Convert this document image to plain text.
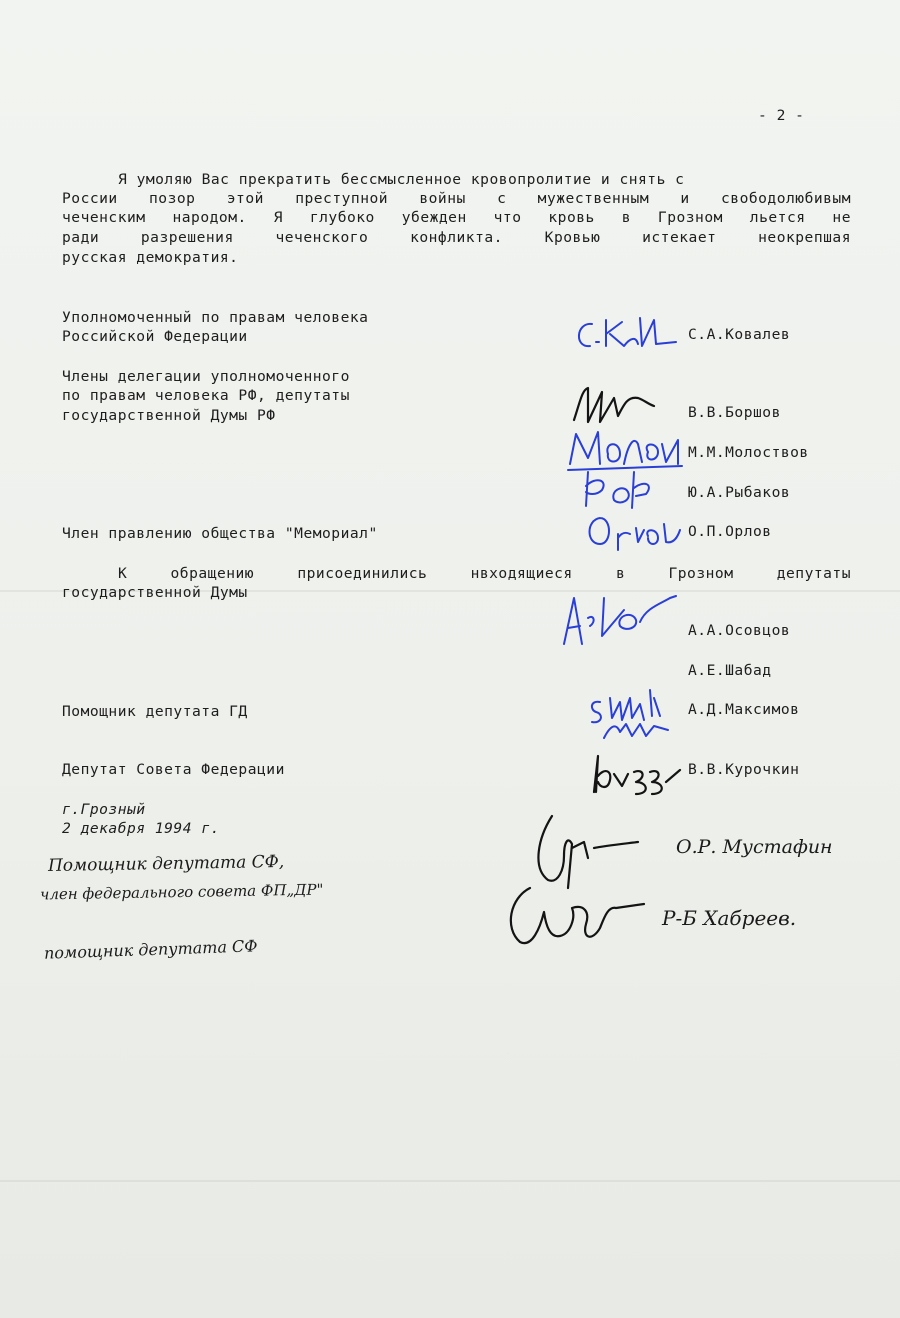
- 2 -
Я умоляю Вас прекратить бессмысленное кровопролитие и снять с
России позор этой преступной войны с мужественным и свободолюбивым
чеченским народом. Я глубоко убежден что кровь в Грозном льется не
ради разрешения чеченского конфликта. Кровью истекает неокрепшая
русская демократия.
Уполномоченный по правам человека
Российской Федерации	С.А.Ковалев
Члены делегации уполномоченного
по правам человека РФ, депутаты
государственной Думы РФ	В.В.Боршов
М.М.Молоствов
Ю.А.Рыбаков
Член правлению общества "Мемориал"	О.П.Орлов
К обращению присоединились нвходящиеся в Грозном депутаты
государственной Думы
А.А.Осовцов
А.Е.Шабад
Помощник депутата ГД	А.Д.Максимов
Депутат Совета Федерации	В.В.Курочкин
г.Грозный
2 декабря 1994 г.
Помощник депутата СФ,
член федерального совета ФП„ДР"
помощник депутата СФ
О.Р. Мустафин
Р-Б Хабреев.
